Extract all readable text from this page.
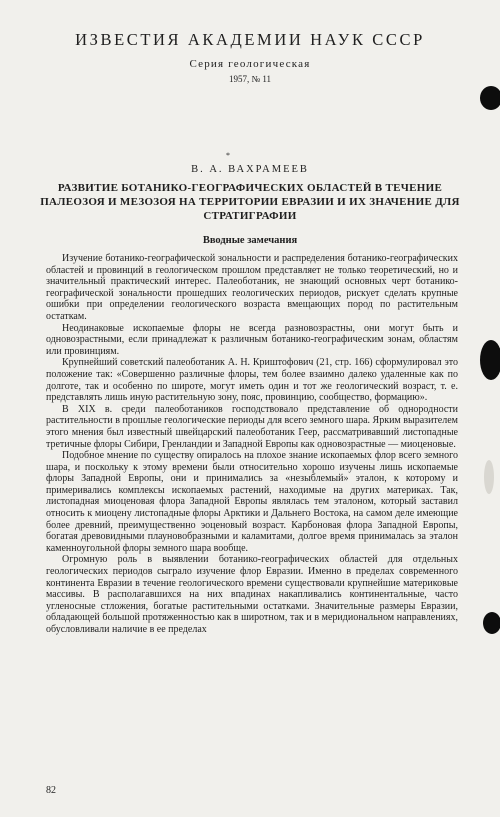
ИЗВЕСТИЯ АКАДЕМИИ НАУК СССР
Серия геологическая
1957, № 11
*
В. А. ВАХРАМЕЕВ
РАЗВИТИЕ БОТАНИКО-ГЕОГРАФИЧЕСКИХ ОБЛАСТЕЙ В ТЕЧЕНИЕ ПАЛЕОЗОЯ И МЕЗОЗОЯ НА ТЕРРИТОРИИ ЕВРАЗИИ И ИХ ЗНАЧЕНИЕ ДЛЯ СТРАТИГРАФИИ
Вводные замечания

Изучение ботанико-географической зональности и распределения ботанико-географических областей и провинций в геологическом прошлом представляет не только теоретический, но и значительный практический интерес. Палеоботаник, не знающий основных черт ботанико-географической зональности прошедших геологических периодов, рискует сделать крупные ошибки при определении геологического возраста вмещающих пород по растительным остаткам.

Неодинаковые ископаемые флоры не всегда разновозрастны, они могут быть и одновозрастными, если принадлежат к различным ботанико-географическим зонам, областям или провинциям.

Крупнейший советский палеоботаник А. Н. Криштофович (21, стр. 166) сформулировал это положение так: «Совершенно различные флоры, тем более взаимно далеко удаленные как по долготе, так и особенно по широте, могут иметь один и тот же геологический возраст, т. е. представлять лишь иную растительную зону, пояс, провинцию, сообщество, формацию».

В XIX в. среди палеоботаников господствовало представление об однородности растительности в прошлые геологические периоды для всего земного шара. Ярким выразителем этого мнения был известный швейцарский палеоботаник Геер, рассматривавший листопадные третичные флоры Сибири, Гренландии и Западной Европы как одновозрастные — миоценовые.

Подобное мнение по существу опиралось на плохое знание ископаемых флор всего земного шара, и поскольку к этому времени были относительно хорошо изучены лишь ископаемые флоры Западной Европы, они и принимались за «незыблемый» эталон, к которому и примеривались комплексы ископаемых растений, находимые на других материках. Так, листопадная миоценовая флора Западной Европы являлась тем эталоном, который заставил относить к миоцену листопадные флоры Арктики и Дальнего Востока, на самом деле имеющие более древний, преимущественно эоценовый возраст. Карбоновая флора Западной Европы, богатая древовидными плауновобразными и каламитами, долгое время принималась за эталон каменноугольной флоры земного шара вообще.

Огромную роль в выявлении ботанико-географических областей для отдельных геологических периодов сыграло изучение флор Евразии. Именно в пределах современного континента Евразии в течение геологического времени существовали крупнейшие материковые массивы. В располагавшихся на них впадинах накапливались континентальные, часто угленосные стложения, богатые растительными остатками. Значительные размеры Евразии, обладающей большой протяженностью как в широтном, так и в меридиональном направлениях, обусловливали наличие в ее пределах

82
